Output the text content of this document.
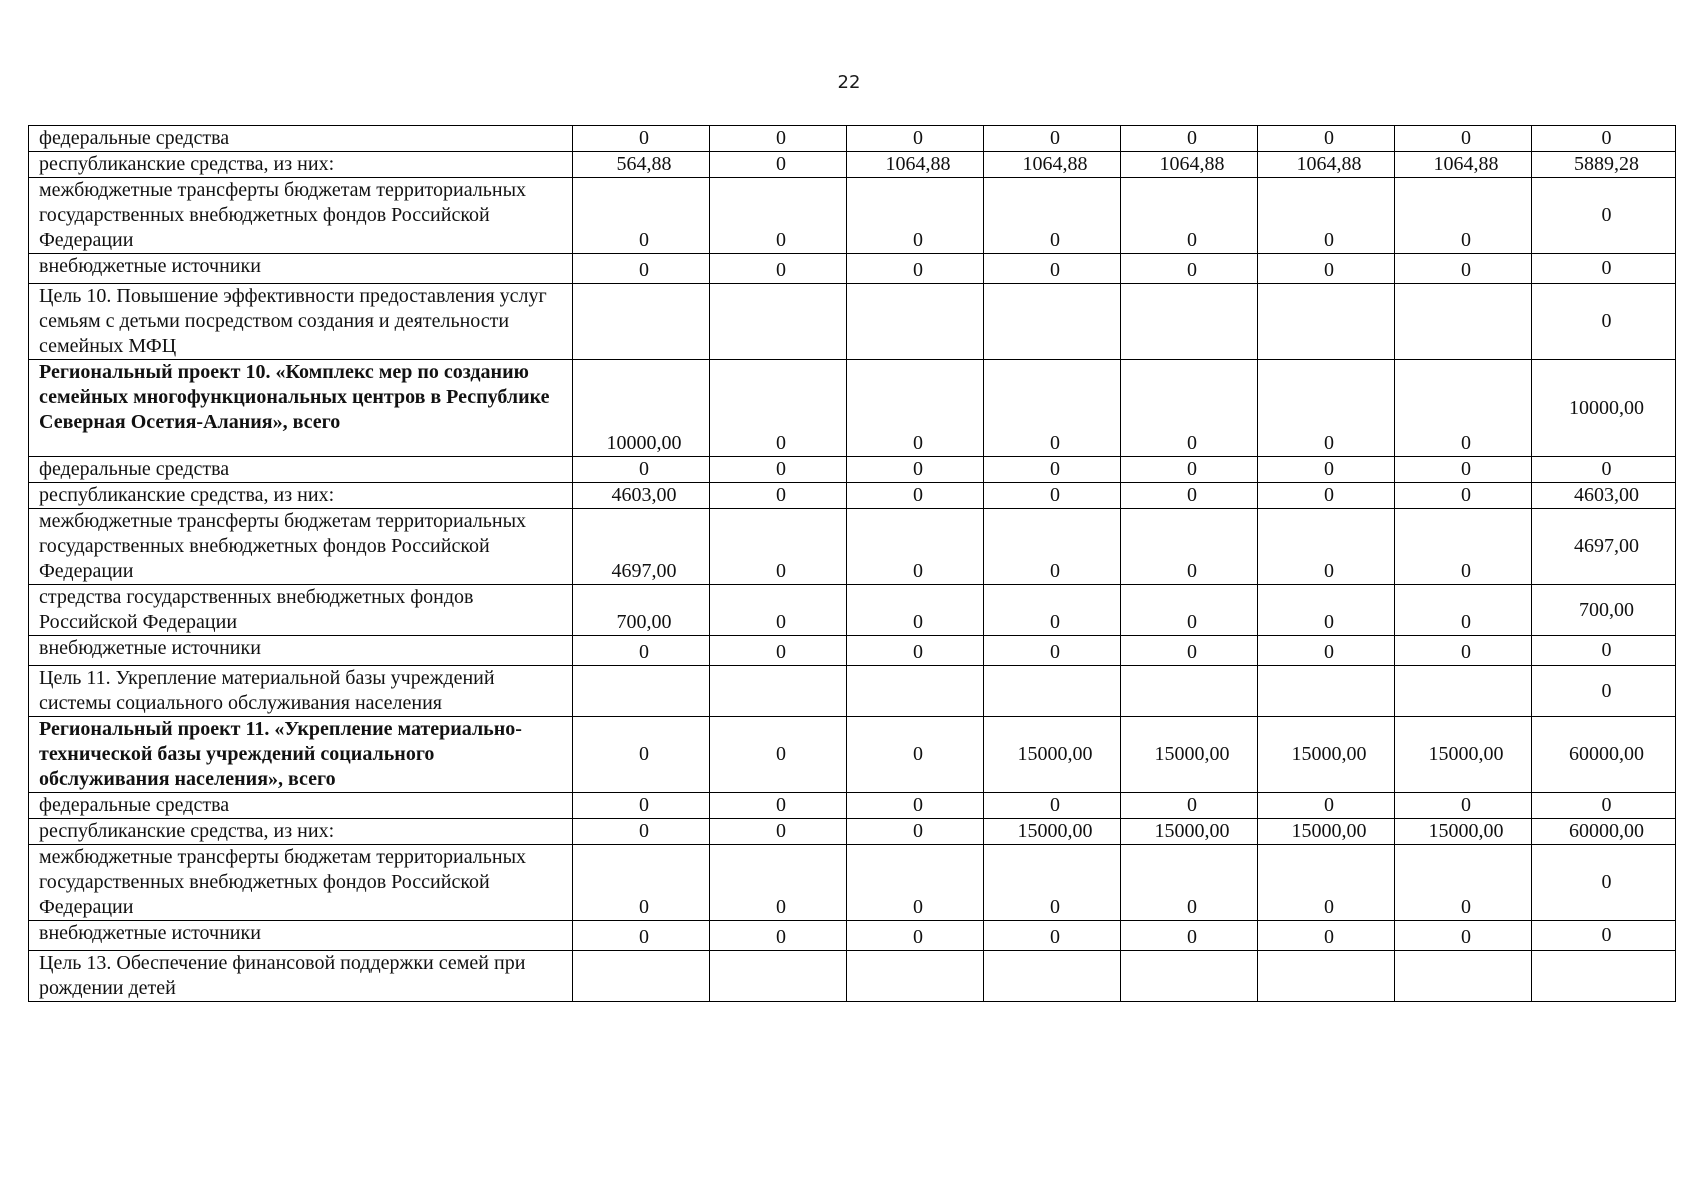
22
федеральные средства	0	0	0	0	0	0	0	0
республиканские средства, из них:	564,88	0	1064,88	1064,88	1064,88	1064,88	1064,88	5889,28
межбюджетные трансферты бюджетам территориальных государственных внебюджетных фондов Российской Федерации	0	0	0	0	0	0	0	0
внебюджетные источники	0	0	0	0	0	0	0	0
Цель 10. Повышение эффективности предоставления услуг семьям с детьми посредством создания и деятельности семейных МФЦ								0
Региональный проект 10. «Комплекс мер по созданию семейных многофункциональных центров в Республике Северная Осетия-Алания», всего	10000,00	0	0	0	0	0	0	10000,00
федеральные средства	0	0	0	0	0	0	0	0
республиканские средства, из них:	4603,00	0	0	0	0	0	0	4603,00
межбюджетные трансферты бюджетам территориальных государственных внебюджетных фондов Российской Федерации	4697,00	0	0	0	0	0	0	4697,00
стредства государственных внебюджетных фондов Российской Федерации	700,00	0	0	0	0	0	0	700,00
внебюджетные источники	0	0	0	0	0	0	0	0
Цель 11. Укрепление материальной базы учреждений системы социального обслуживания населения								0
Региональный проект 11. «Укрепление материально-технической базы учреждений социального обслуживания населения», всего	0	0	0	15000,00	15000,00	15000,00	15000,00	60000,00
федеральные средства	0	0	0	0	0	0	0	0
республиканские средства, из них:	0	0	0	15000,00	15000,00	15000,00	15000,00	60000,00
межбюджетные трансферты бюджетам территориальных государственных внебюджетных фондов Российской Федерации	0	0	0	0	0	0	0	0
внебюджетные источники	0	0	0	0	0	0	0	0
Цель 13. Обеспечение финансовой поддержки семей при рождении детей								
